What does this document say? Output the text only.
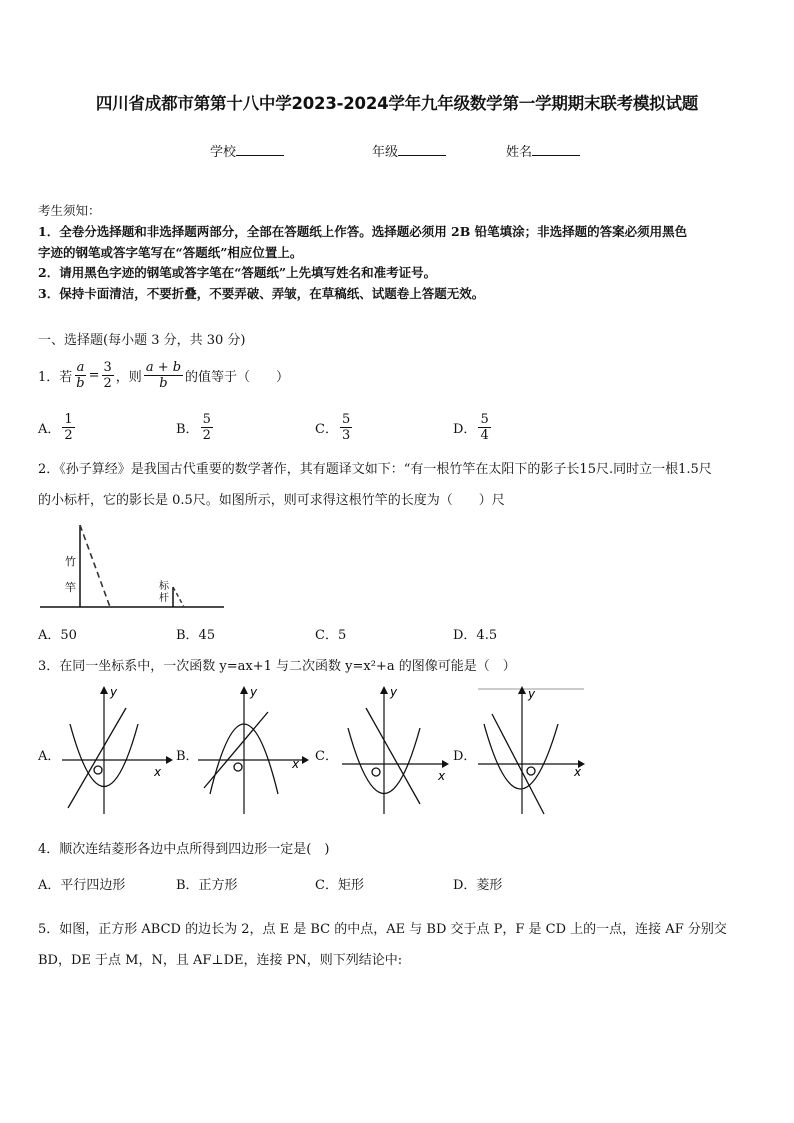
四川省成都市第第十八中学2023-2024学年九年级数学第一学期期末联考模拟试题
学校	年级	姓名
考生须知：
1．全卷分选择题和非选择题两部分，全部在答题纸上作答。选择题必须用 2B 铅笔填涂；非选择题的答案必须用黑色
字迹的钢笔或答字笔写在“答题纸”相应位置上。
2．请用黑色字迹的钢笔或答字笔在“答题纸”上先填写姓名和准考证号。
3．保持卡面清洁，不要折叠，不要弄破、弄皱，在草稿纸、试题卷上答题无效。
一、选择题(每小题 3 分，共 30 分)
1．若 $\frac{a}{b} = \frac{3}{2}$ ，则 $\frac{a + b}{b}$ 的值等于（　　）
A． $\frac{1}{2}$	B． $\frac{5}{2}$	C． $\frac{5}{3}$	D． $\frac{5}{4}$
2．《孙子算经》是我国古代重要的数学著作，其有题译文如下：“有一根竹竿在太阳下的影子长15尺.同时立一根1.5尺
的小标杆，它的影长是 0.5尺。如图所示，则可求得这根竹竿的长度为（　　）尺
竹
竿	标
杆
A．50	B．45	C．5	D．4.5
3．在同一坐标系中，一次函数 y=ax+1 与二次函数 y=x²+a 的图像可能是（　）
A．
y
x
B．
y
x C．
y
x
D．
y
x
4．顺次连结菱形各边中点所得到四边形一定是(　)
A．平行四边形	B．正方形	C．矩形	D．菱形
5．如图，正方形 ABCD 的边长为 2，点 E 是 BC 的中点，AE 与 BD 交于点 P，F 是 CD 上的一点，连接 AF 分别交
BD，DE 于点 M，N，且 AF⊥DE，连接 PN，则下列结论中:
